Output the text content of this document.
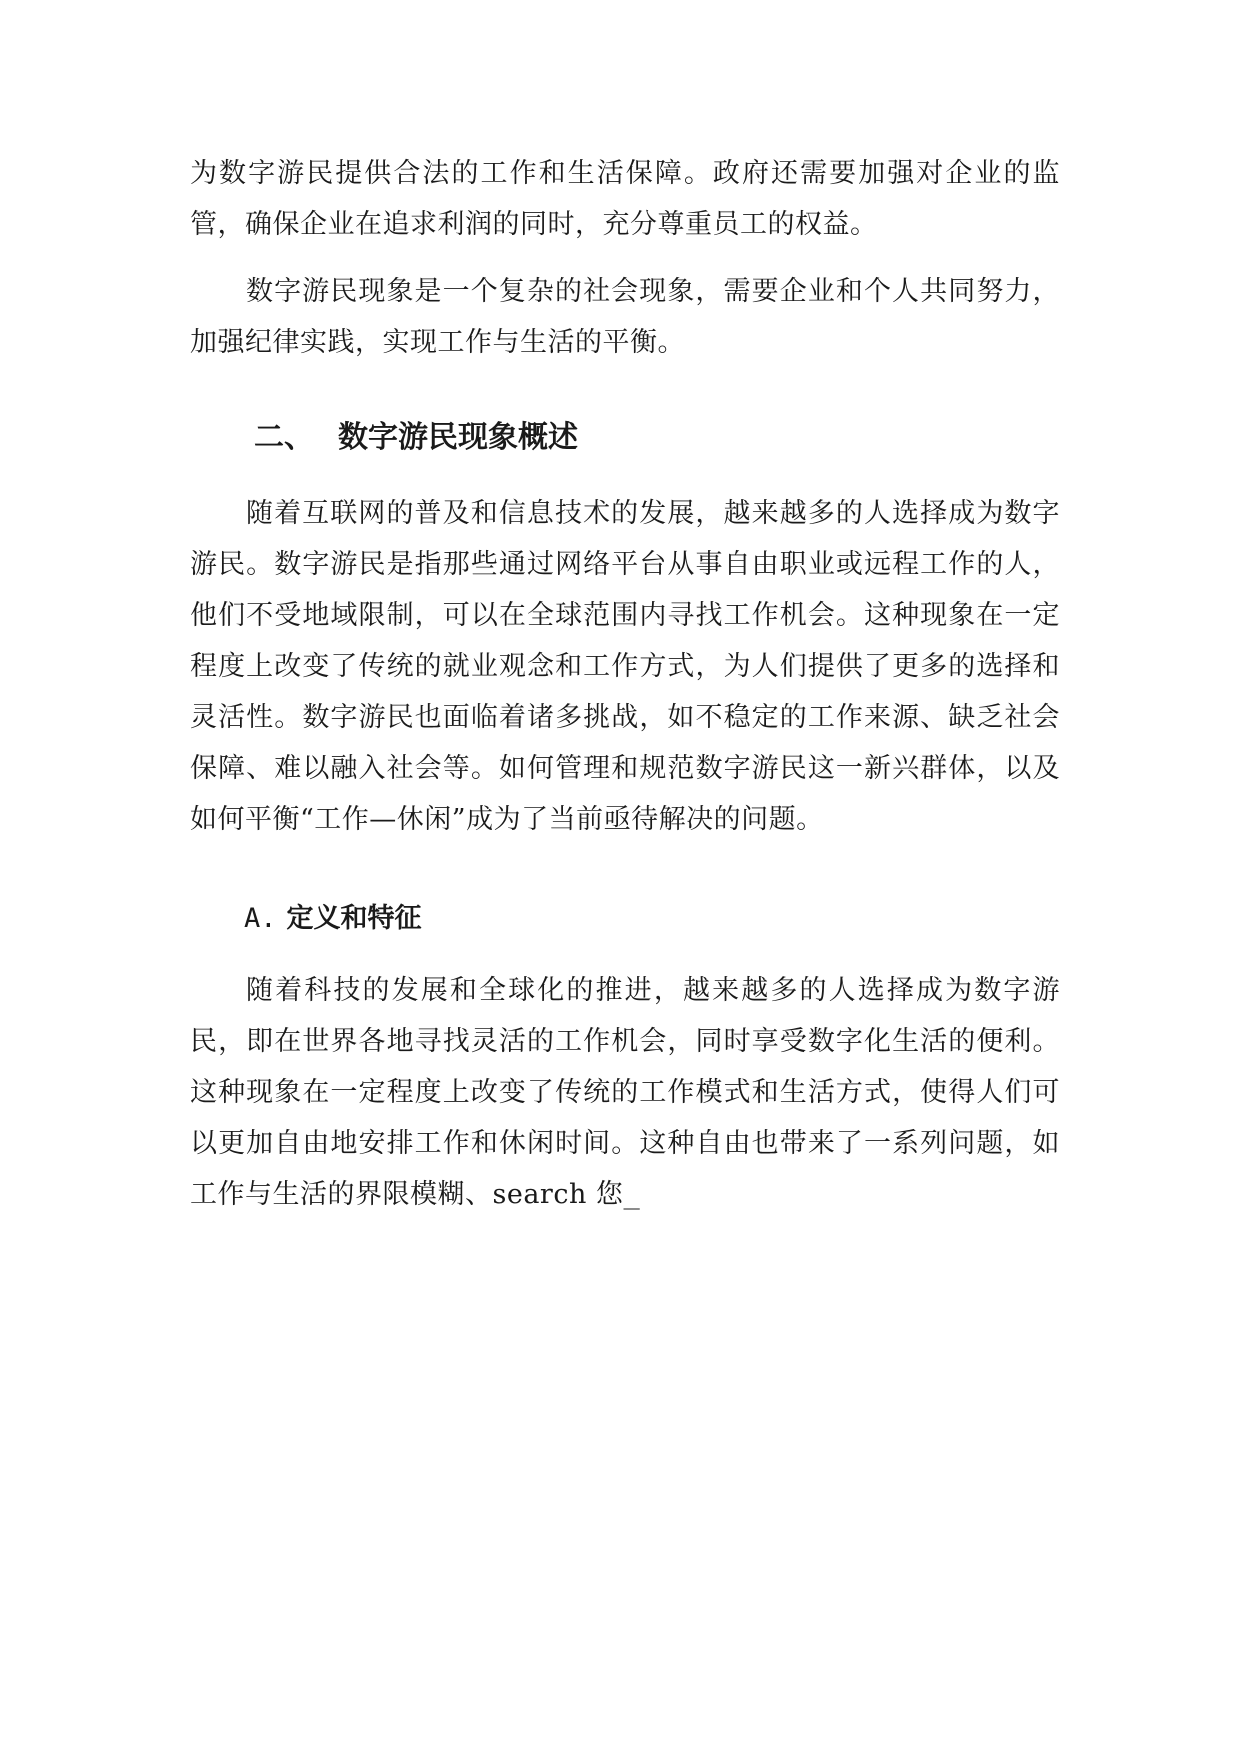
为数字游民提供合法的工作和生活保障。政府还需要加强对企业的监管，确保企业在追求利润的同时，充分尊重员工的权益。

数字游民现象是一个复杂的社会现象，需要企业和个人共同努力，加强纪律实践，实现工作与生活的平衡。

二、 数字游民现象概述

随着互联网的普及和信息技术的发展，越来越多的人选择成为数字游民。数字游民是指那些通过网络平台从事自由职业或远程工作的人，他们不受地域限制，可以在全球范围内寻找工作机会。这种现象在一定程度上改变了传统的就业观念和工作方式，为人们提供了更多的选择和灵活性。数字游民也面临着诸多挑战，如不稳定的工作来源、缺乏社会保障、难以融入社会等。如何管理和规范数字游民这一新兴群体，以及如何平衡“工作—休闲”成为了当前亟待解决的问题。

A. 定义和特征

随着科技的发展和全球化的推进，越来越多的人选择成为数字游民，即在世界各地寻找灵活的工作机会，同时享受数字化生活的便利。这种现象在一定程度上改变了传统的工作模式和生活方式，使得人们可以更加自由地安排工作和休闲时间。这种自由也带来了一系列问题，如工作与生活的界限模糊、search 您_
